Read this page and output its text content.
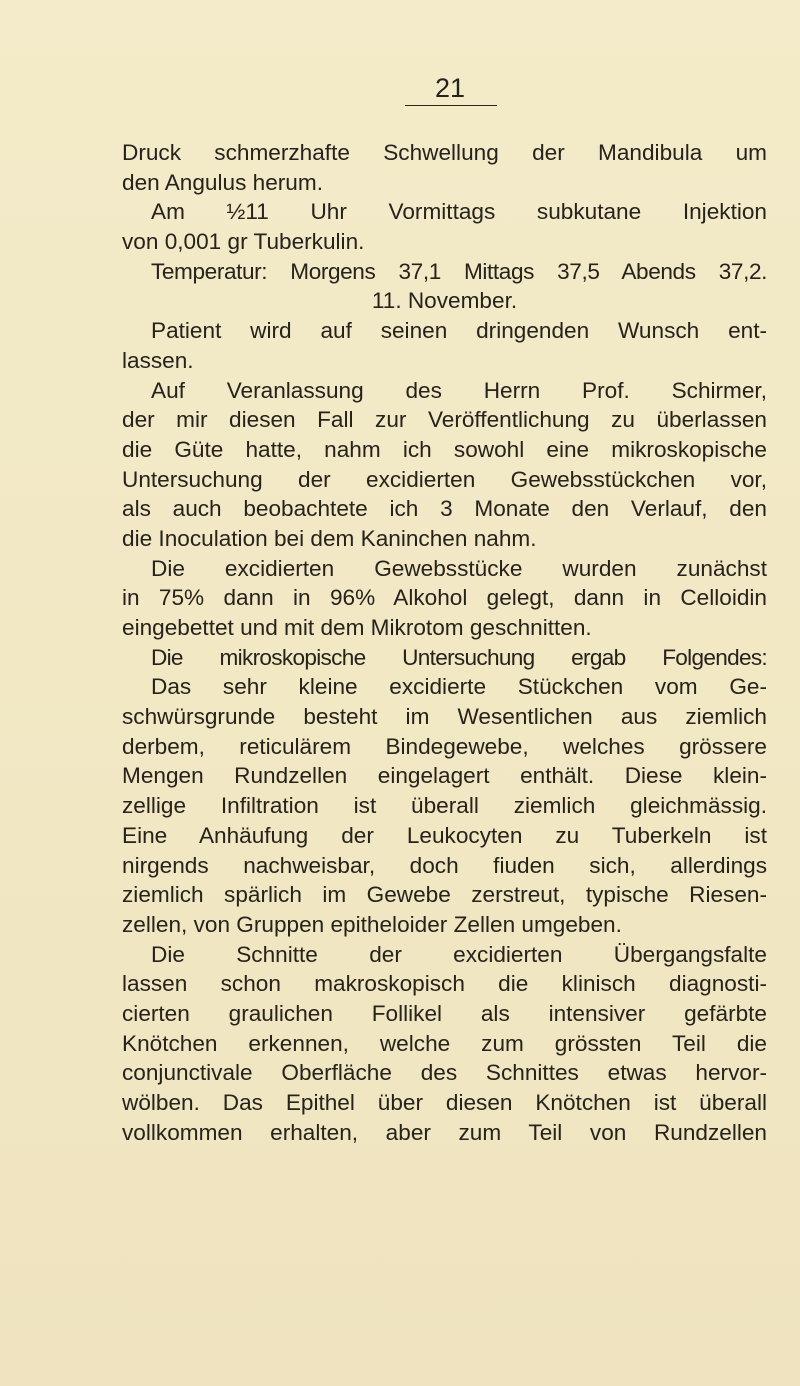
21
Druck schmerzhafte Schwellung der Mandibula um
den Angulus herum.
Am ½11 Uhr Vormittags subkutane Injektion
von 0,001 gr Tuberkulin.
Temperatur: Morgens 37,1 Mittags 37,5 Abends 37,2.
11. November.
Patient wird auf seinen dringenden Wunsch ent-
lassen.
Auf Veranlassung des Herrn Prof. Schirmer,
der mir diesen Fall zur Veröffentlichung zu überlassen
die Güte hatte, nahm ich sowohl eine mikroskopische
Untersuchung der excidierten Gewebsstückchen vor,
als auch beobachtete ich 3 Monate den Verlauf, den
die Inoculation bei dem Kaninchen nahm.
Die excidierten Gewebsstücke wurden zunächst
in 75% dann in 96% Alkohol gelegt, dann in Celloidin
eingebettet und mit dem Mikrotom geschnitten.
Die mikroskopische Untersuchung ergab Folgendes:
Das sehr kleine excidierte Stückchen vom Ge-
schwürsgrunde besteht im Wesentlichen aus ziemlich
derbem, reticulärem Bindegewebe, welches grössere
Mengen Rundzellen eingelagert enthält. Diese klein-
zellige Infiltration ist überall ziemlich gleichmässig.
Eine Anhäufung der Leukocyten zu Tuberkeln ist
nirgends nachweisbar, doch fiuden sich, allerdings
ziemlich spärlich im Gewebe zerstreut, typische Riesen-
zellen, von Gruppen epitheloider Zellen umgeben.
Die Schnitte der excidierten Übergangsfalte
lassen schon makroskopisch die klinisch diagnosti-
cierten graulichen Follikel als intensiver gefärbte
Knötchen erkennen, welche zum grössten Teil die
conjunctivale Oberfläche des Schnittes etwas hervor-
wölben. Das Epithel über diesen Knötchen ist überall
vollkommen erhalten, aber zum Teil von Rundzellen
